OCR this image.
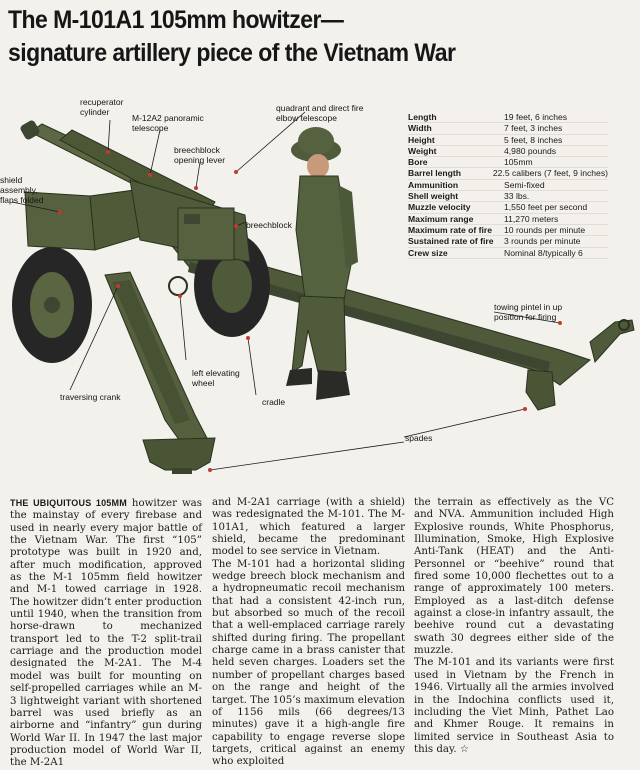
The M-101A1 105mm howitzer—
signature artillery piece of the Vietnam War
recuperator
cylinder
M-12A2 panoramic
telescope
quadrant and direct fire
elbow telescope
breechblock
opening lever
shield
assembly,
flaps folded
breechblock
towing pintel in up
position for firing
left elevating
wheel
traversing crank	cradle
spades
Length	19 feet, 6 inches
Width	7 feet, 3 inches
Height	5 feet, 8 inches
Weight	4,980 pounds
Bore	105mm
Barrel length	22.5 calibers (7 feet, 9 inches)
Ammunition	Semi-fixed
Shell weight	33 lbs.
Muzzle velocity	1,550 feet per second
Maximum range	11,270 meters
Maximum rate of fire	10 rounds per minute
Sustained rate of fire	3 rounds per minute
Crew size	Nominal 8/typically 6
THE UBIQUITOUS 105MM howitzer was the mainstay of every firebase and used in nearly every major battle of the Vietnam War. The first “105” prototype was built in 1920 and, after much modification, approved as the M-1 105mm field howitzer and M-1 towed carriage in 1928. The howitzer didn’t enter production until 1940, when the transition from horse-drawn to mechanized transport led to the T-2 split-trail carriage and the production model designated the M-2A1. The M-4 model was built for mounting on self-propelled carriages while an M-3 lightweight variant with shortened barrel was used briefly as an airborne and “infantry” gun during World War II. In 1947 the last major production model of World War II, the M-2A1
and M-2A1 carriage (with a shield) was redesignated the M-101. The M-101A1, which featured a larger shield, became the predominant model to see service in Vietnam.
The M-101 had a horizontal sliding wedge breech block mechanism and a hydropneumatic recoil mechanism that had a consistent 42-inch run, but absorbed so much of the recoil that a well-emplaced carriage rarely shifted during firing. The propellant charge came in a brass canister that held seven charges. Loaders set the number of propellant charges based on the range and height of the target. The 105’s maximum elevation of 1156 mils (66 degrees/13 minutes) gave it a high-angle fire capability to engage reverse slope targets, critical against an enemy who exploited
the terrain as effectively as the VC and NVA. Ammunition included High Explosive rounds, White Phosphorus, Illumination, Smoke, High Explosive Anti-Tank (HEAT) and the Anti-Personnel or “beehive” round that fired some 10,000 flechettes out to a range of approximately 100 meters. Employed as a last-ditch defense against a close-in infantry assault, the beehive round cut a devastating swath 30 degrees either side of the muzzle.
The M-101 and its variants were first used in Vietnam by the French in 1946. Virtually all the armies involved in the Indochina conflicts used it, including the Viet Minh, Pathet Lao and Khmer Rouge. It remains in limited service in Southeast Asia to this day. ☆
